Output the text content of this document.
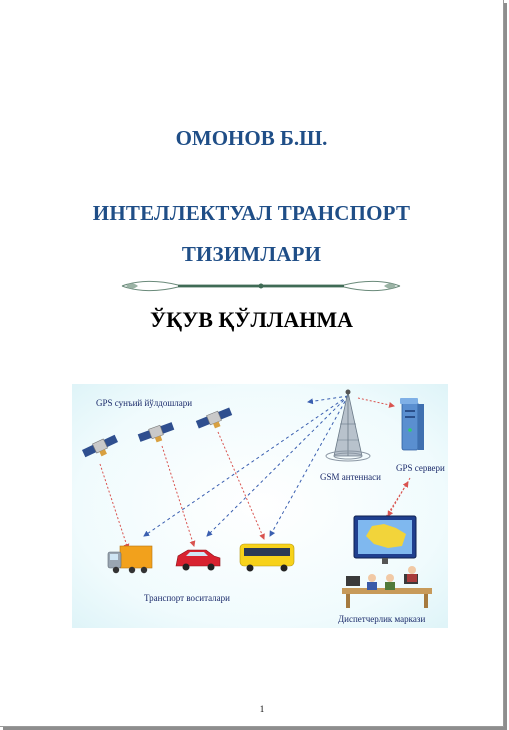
ОМОНОВ Б.Ш.
ИНТЕЛЛЕКТУАЛ ТРАНСПОРТ
ТИЗИМЛАРИ
ЎҚУВ ҚЎЛЛАНМА
GPS сунъий йўлдошлари
GSM антеннаси
GPS сервери
Транспорт воситалари
Диспетчерлик маркази
1
